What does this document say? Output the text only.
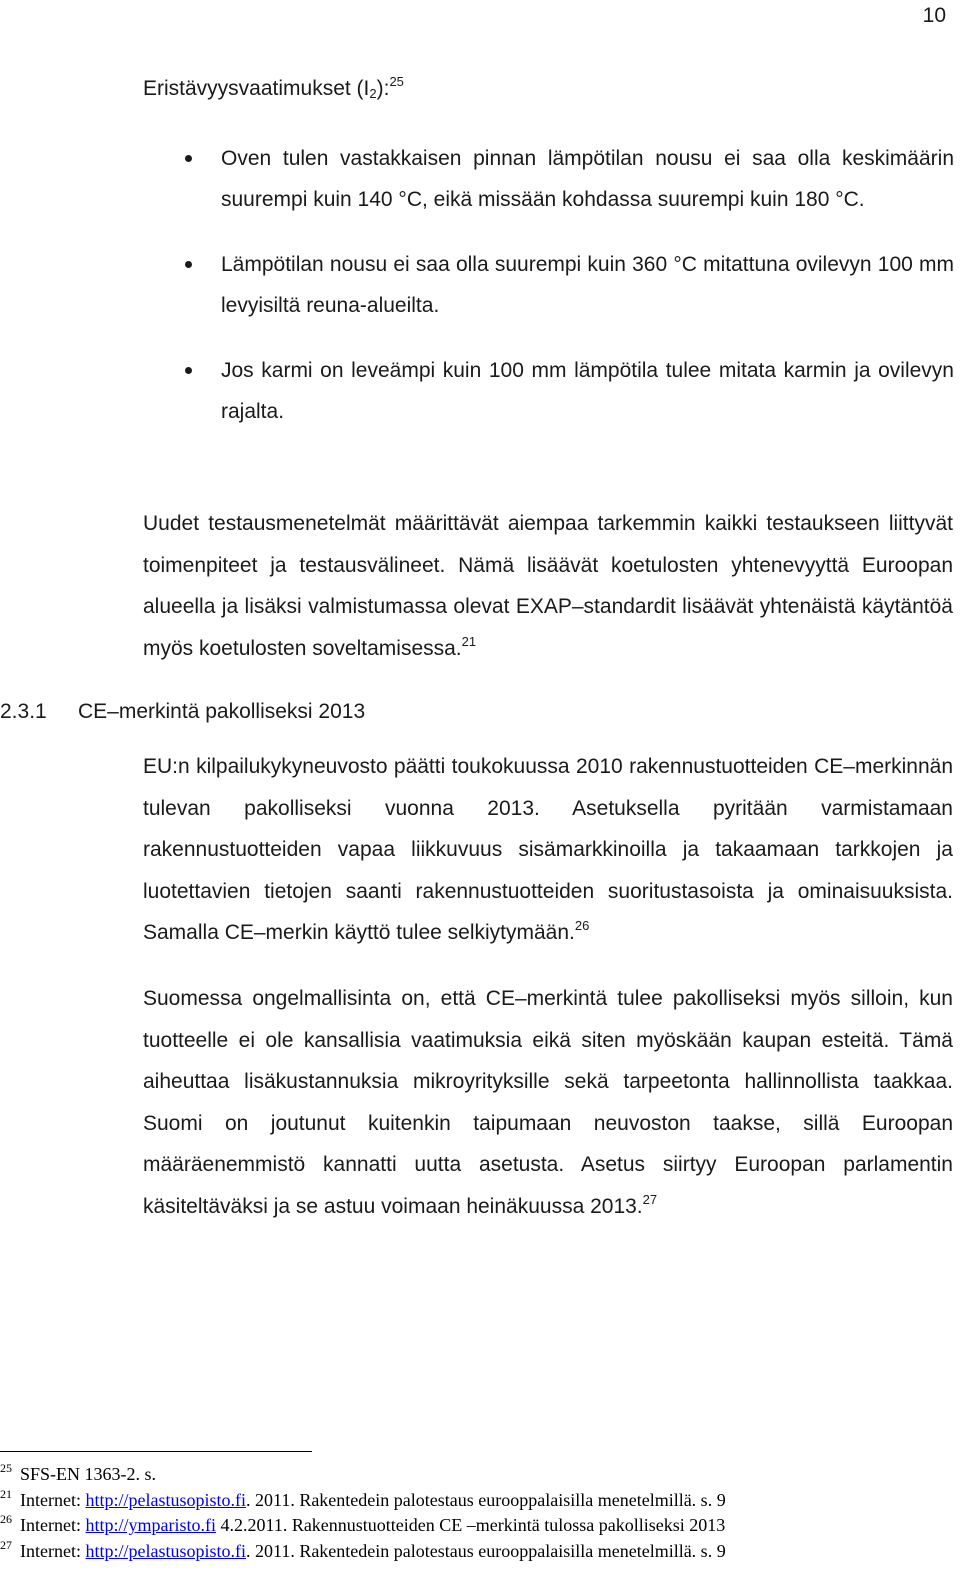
10
Eristävyysvaatimukset $(I_2):^{25}$
Oven tulen vastakkaisen pinnan lämpötilan nousu ei saa olla keskimäärin suurempi kuin 140 °C, eikä missään kohdassa suurempi kuin 180 °C.
Lämpötilan nousu ei saa olla suurempi kuin 360 °C mitattuna ovilevyn 100 mm levyisiltä reuna-alueilta.
Jos karmi on leveämpi kuin 100 mm lämpötila tulee mitata karmin ja ovilevyn rajalta.

Uudet testausmenetelmät määrittävät aiempaa tarkemmin kaikki testaukseen liittyvät toimenpiteet ja testausvälineet. Nämä lisäävät koetulosten yhtenevyyttä Euroopan alueella ja lisäksi valmistumassa olevat EXAP–standardit lisäävät yhtenäistä käytäntöä myös koetulosten soveltamisessa.$^{21}$

2.3.1 CE–merkintä pakolliseksi 2013

EU:n kilpailukykyneuvosto päätti toukokuussa 2010 rakennustuotteiden CE–merkinnän tulevan pakolliseksi vuonna 2013. Asetuksella pyritään varmistamaan rakennustuotteiden vapaa liikkuvuus sisämarkkinoilla ja takaamaan tarkkojen ja luotettavien tietojen saanti rakennustuotteiden suoritustasoista ja ominaisuuksista. Samalla CE–merkin käyttö tulee selkiytymään.$^{26}$

Suomessa ongelmallisinta on, että CE–merkintä tulee pakolliseksi myös silloin, kun tuotteelle ei ole kansallisia vaatimuksia eikä siten myöskään kaupan esteitä. Tämä aiheuttaa lisäkustannuksia mikroyrityksille sekä tarpeetonta hallinnollista taakkaa. Suomi on joutunut kuitenkin taipumaan neuvoston taakse, sillä Euroopan määräenemmistö kannatti uutta asetusta. Asetus siirtyy Euroopan parlamentin käsiteltäväksi ja se astuu voimaan heinäkuussa 2013.27

25 SFS-EN 1363-2. s.
21 Internet: http://pelastusopisto.fi. 2011. Rakentedein palotestaus eurooppalaisilla menetelmillä. s. 9
26 Internet: http://ymparisto.fi 4.2.2011. Rakennustuotteiden CE –merkintä tulossa pakolliseksi 2013
27 Internet: http://pelastusopisto.fi. 2011. Rakentedein palotestaus eurooppalaisilla menetelmillä. s. 9
